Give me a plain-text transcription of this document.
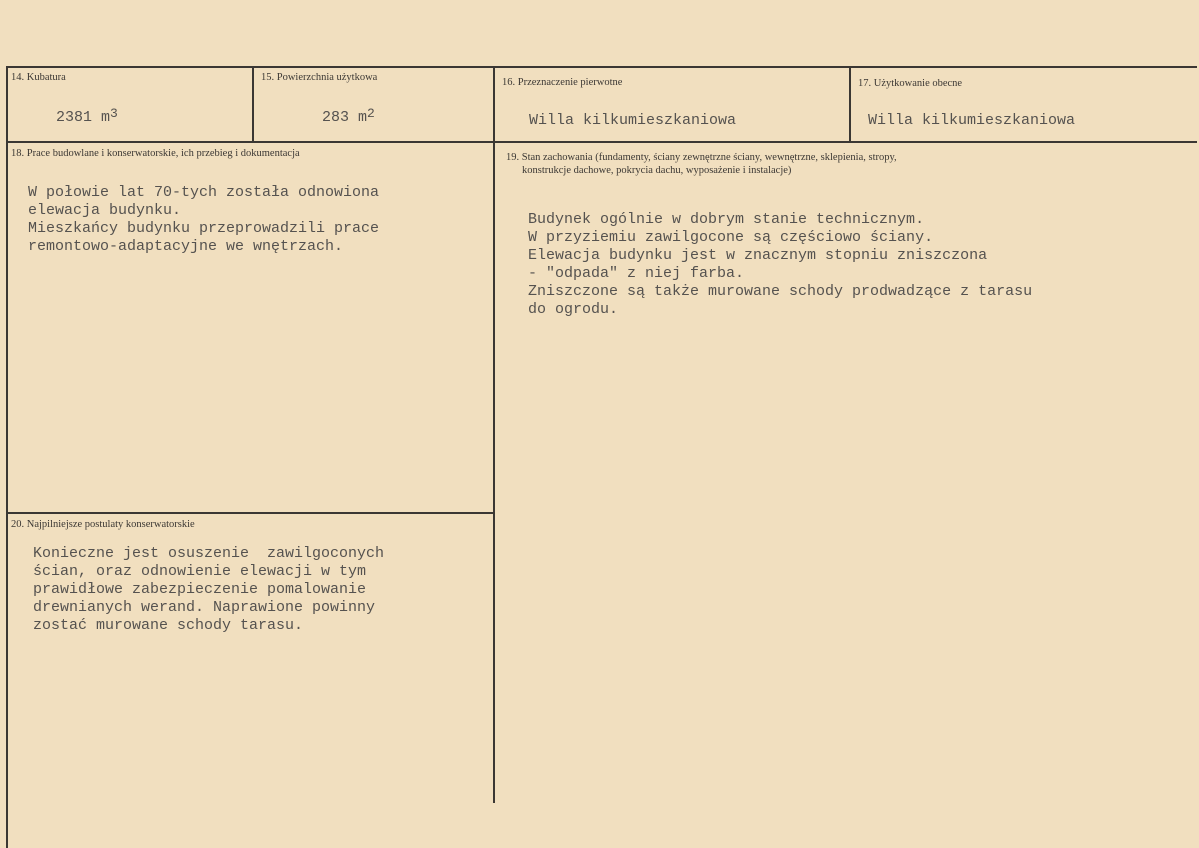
14. Kubatura
2381 $m^3$
15. Powierzchnia użytkowa
283 $m^2$
16. Przeznaczenie pierwotne
Willa kilkumieszkaniowa
17. Użytkowanie obecne
Willa kilkumieszkaniowa
18. Prace budowlane i konserwatorskie, ich przebieg i dokumentacja
W połowie lat 70-tych została odnowiona
elewacja budynku.
Mieszkańcy budynku przeprowadzili prace
remontowo-adaptacyjne we wnętrzach.
19. Stan zachowania (fundamenty, ściany zewnętrzne ściany, wewnętrzne, sklepienia, stropy,
konstrukcje dachowe, pokrycia dachu, wyposażenie i instalacje)
Budynek ogólnie w dobrym stanie technicznym.
W przyziemiu zawilgocone są częściowo ściany.
Elewacja budynku jest w znacznym stopniu zniszczona
- "odpada" z niej farba.
Zniszczone są także murowane schody prodwadzące z tarasu
do ogrodu.
20. Najpilniejsze postulaty konserwatorskie
Konieczne jest osuszenie  zawilgoconych
ścian, oraz odnowienie elewacji w tym
prawidłowe zabezpieczenie pomalowanie
drewnianych werand. Naprawione powinny
zostać murowane schody tarasu.
